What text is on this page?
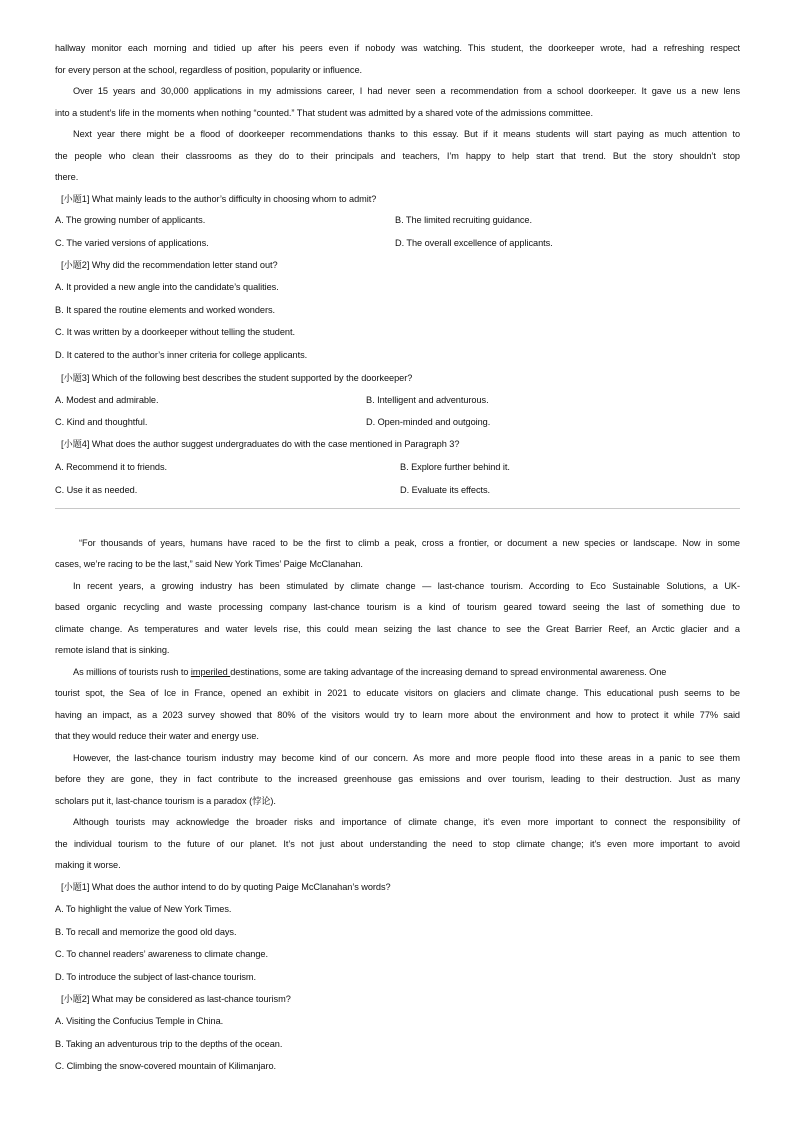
hallway monitor each morning and tidied up after his peers even if nobody was watching. This student, the doorkeeper wrote, had a refreshing respect
for every person at the school, regardless of position, popularity or influence.
Over 15 years and 30,000 applications in my admissions career, I had never seen a recommendation from a school doorkeeper. It gave us a new lens
into a student’s life in the moments when nothing “counted.” That student was admitted by a shared vote of the admissions committee.
Next year there might be a flood of doorkeeper recommendations thanks to this essay. But if it means students will start paying as much attention to
the people who clean their classrooms as they do to their principals and teachers, I’m happy to help start that trend. But the story shouldn’t stop
there.
[小题1] What mainly leads to the author’s difficulty in choosing whom to admit?
A. The growing number of applicants.	B. The limited recruiting guidance.
C. The varied versions of applications.	D. The overall excellence of applicants.
[小题2] Why did the recommendation letter stand out?
A. It provided a new angle into the candidate’s qualities.
B. It spared the routine elements and worked wonders.
C. It was written by a doorkeeper without telling the student.
D. It catered to the author’s inner criteria for college applicants.
[小题3] Which of the following best describes the student supported by the doorkeeper?
A. Modest and admirable.	B. Intelligent and adventurous.
C. Kind and thoughtful.	D. Open-minded and outgoing.
[小题4] What does the author suggest undergraduates do with the case mentioned in Paragraph 3?
A. Recommend it to friends.	B. Explore further behind it.
C. Use it as needed.	D. Evaluate its effects.
“For thousands of years, humans have raced to be the first to climb a peak, cross a frontier, or document a new species or landscape. Now in some
cases, we’re racing to be the last,” said New York Times’ Paige McClanahan.
In recent years, a growing industry has been stimulated by climate change — last-chance tourism. According to Eco Sustainable Solutions, a UK-
based organic recycling and waste processing company last-chance tourism is a kind of tourism geared toward seeing the last of something due to
climate change. As temperatures and water levels rise, this could mean seizing the last chance to see the Great Barrier Reef, an Arctic glacier and a
remote island that is sinking.
As millions of tourists rush to imperiled destinations, some are taking advantage of the increasing demand to spread environmental awareness. One
tourist spot, the Sea of Ice in France, opened an exhibit in 2021 to educate visitors on glaciers and climate change. This educational push seems to be
having an impact, as a 2023 survey showed that 80% of the visitors would try to learn more about the environment and how to protect it while 77% said
that they would reduce their water and energy use.
However, the last-chance tourism industry may become kind of our concern. As more and more people flood into these areas in a panic to see them
before they are gone, they in fact contribute to the increased greenhouse gas emissions and over tourism, leading to their destruction. Just as many
scholars put it, last-chance tourism is a paradox (悖论).
Although tourists may acknowledge the broader risks and importance of climate change, it’s even more important to connect the responsibility of
the individual tourism to the future of our planet. It’s not just about understanding the need to stop climate change; it’s even more important to avoid
making it worse.
[小题1] What does the author intend to do by quoting Paige McClanahan’s words?
A. To highlight the value of New York Times.
B. To recall and memorize the good old days.
C. To channel readers’ awareness to climate change.
D. To introduce the subject of last-chance tourism.
[小题2] What may be considered as last-chance tourism?
A. Visiting the Confucius Temple in China.
B. Taking an adventurous trip to the depths of the ocean.
C. Climbing the snow-covered mountain of Kilimanjaro.
